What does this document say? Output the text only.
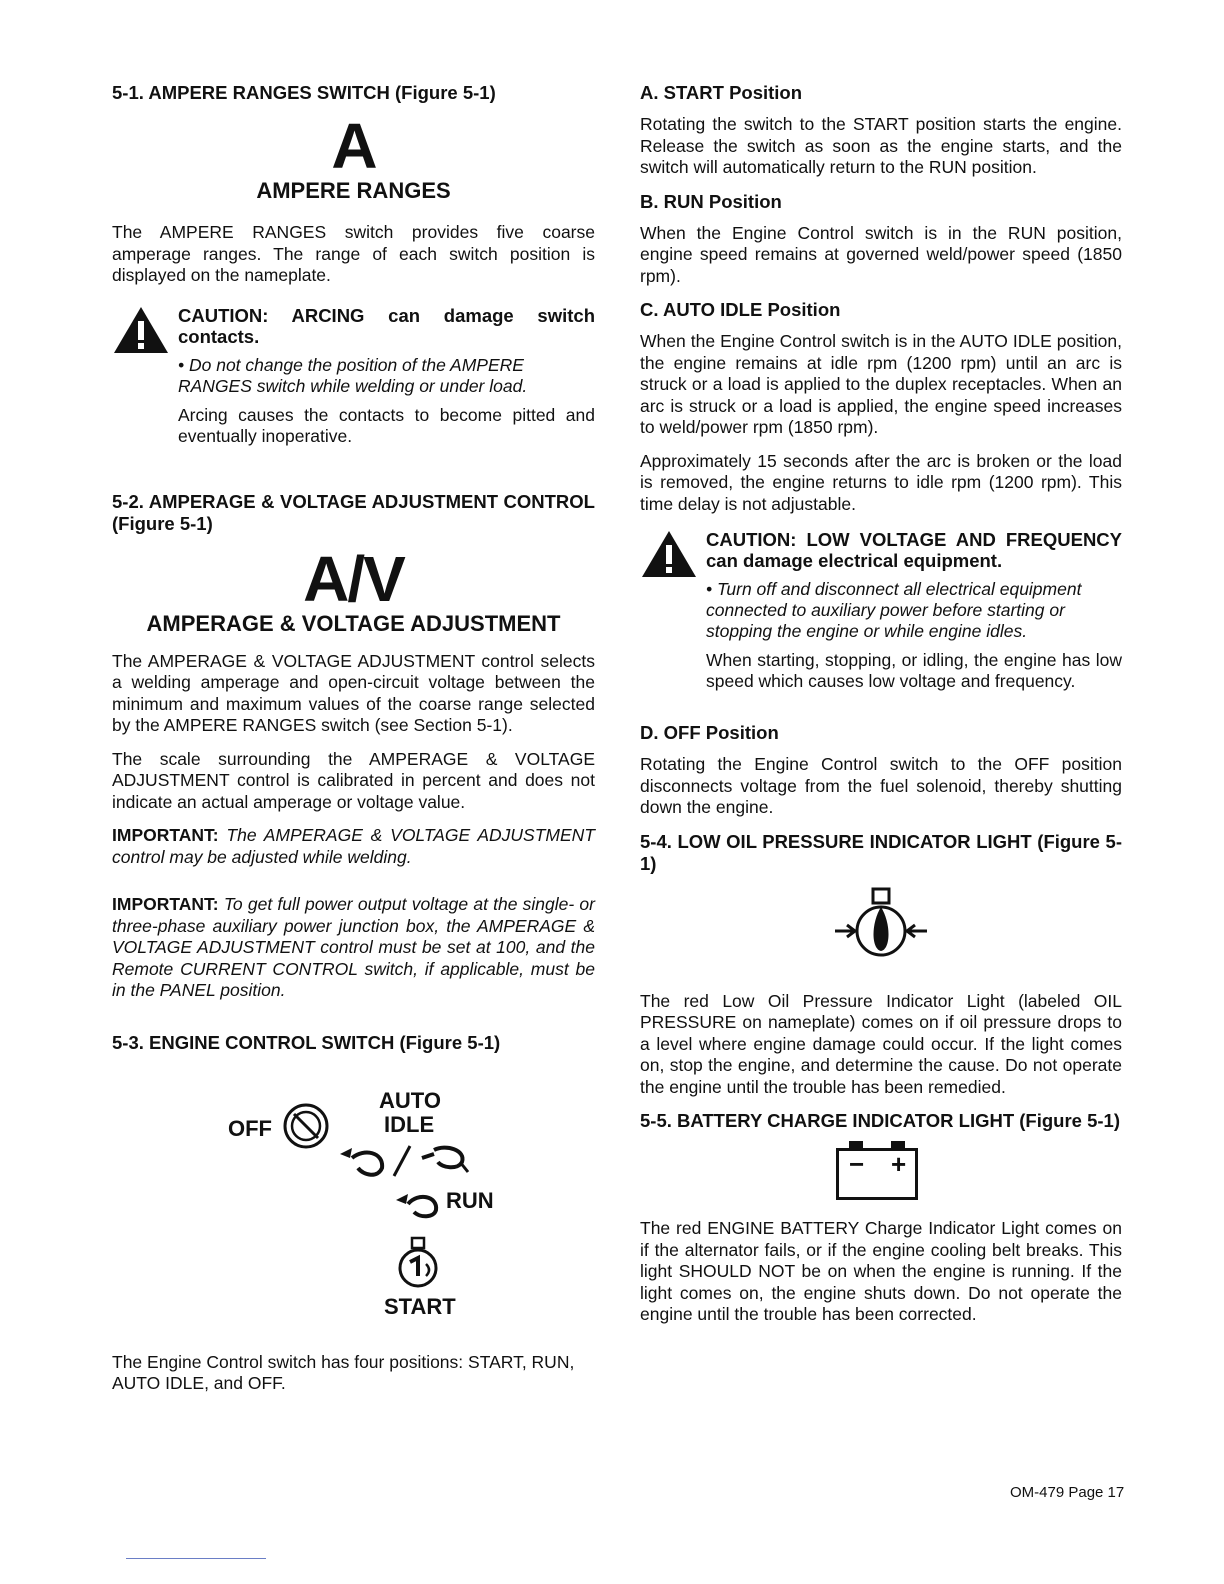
5-1. AMPERE RANGES SWITCH (Figure 5-1)
A
AMPERE RANGES

The AMPERE RANGES switch provides five coarse amperage ranges. The range of each switch position is displayed on the nameplate.

CAUTION: ARCING can damage switch contacts.
• Do not change the position of the AMPERE RANGES switch while welding or under load.
Arcing causes the contacts to become pitted and eventually inoperative.
5-2. AMPERAGE & VOLTAGE ADJUSTMENT CONTROL (Figure 5-1)
A/V
AMPERAGE & VOLTAGE ADJUSTMENT

The AMPERAGE & VOLTAGE ADJUSTMENT control selects a welding amperage and open-circuit voltage between the minimum and maximum values of the coarse range selected by the AMPERE RANGES switch (see Section 5-1).

The scale surrounding the AMPERAGE & VOLTAGE ADJUSTMENT control is calibrated in percent and does not indicate an actual amperage or voltage value.

IMPORTANT: The AMPERAGE & VOLTAGE ADJUSTMENT control may be adjusted while welding.

IMPORTANT: To get full power output voltage at the single- or three-phase auxiliary power junction box, the AMPERAGE & VOLTAGE ADJUSTMENT control must be set at 100, and the Remote CURRENT CONTROL switch, if applicable, must be in the PANEL position.

5-3. ENGINE CONTROL SWITCH (Figure 5-1)
OFF
AUTO
IDLE
RUN
START

The Engine Control switch has four positions: START, RUN, AUTO IDLE, and OFF.

A. START Position

Rotating the switch to the START position starts the engine. Release the switch as soon as the engine starts, and the switch will automatically return to the RUN position.

B. RUN Position

When the Engine Control switch is in the RUN position, engine speed remains at governed weld/power speed (1850 rpm).

C. AUTO IDLE Position

When the Engine Control switch is in the AUTO IDLE position, the engine remains at idle rpm (1200 rpm) until an arc is struck or a load is applied to the duplex receptacles. When an arc is struck or a load is applied, the engine speed increases to weld/power rpm (1850 rpm).

Approximately 15 seconds after the arc is broken or the load is removed, the engine returns to idle rpm (1200 rpm). This time delay is not adjustable.

CAUTION: LOW VOLTAGE AND FREQUENCY can damage electrical equipment.
• Turn off and disconnect all electrical equipment connected to auxiliary power before starting or stopping the engine or while engine idles.
When starting, stopping, or idling, the engine has low speed which causes low voltage and frequency.
D. OFF Position

Rotating the Engine Control switch to the OFF position disconnects voltage from the fuel solenoid, thereby shutting down the engine.

5-4. LOW OIL PRESSURE INDICATOR LIGHT (Figure 5-1)

The red Low Oil Pressure Indicator Light (labeled OIL PRESSURE on nameplate) comes on if oil pressure drops to a level where engine damage could occur. If the light comes on, stop the engine, and determine the cause. Do not operate the engine until the trouble has been remedied.

5-5. BATTERY CHARGE INDICATOR LIGHT (Figure 5-1)
− +

The red ENGINE BATTERY Charge Indicator Light comes on if the alternator fails, or if the engine cooling belt breaks. This light SHOULD NOT be on when the engine is running. If the light comes on, the engine shuts down. Do not operate the engine until the trouble has been corrected.

OM-479 Page 17
